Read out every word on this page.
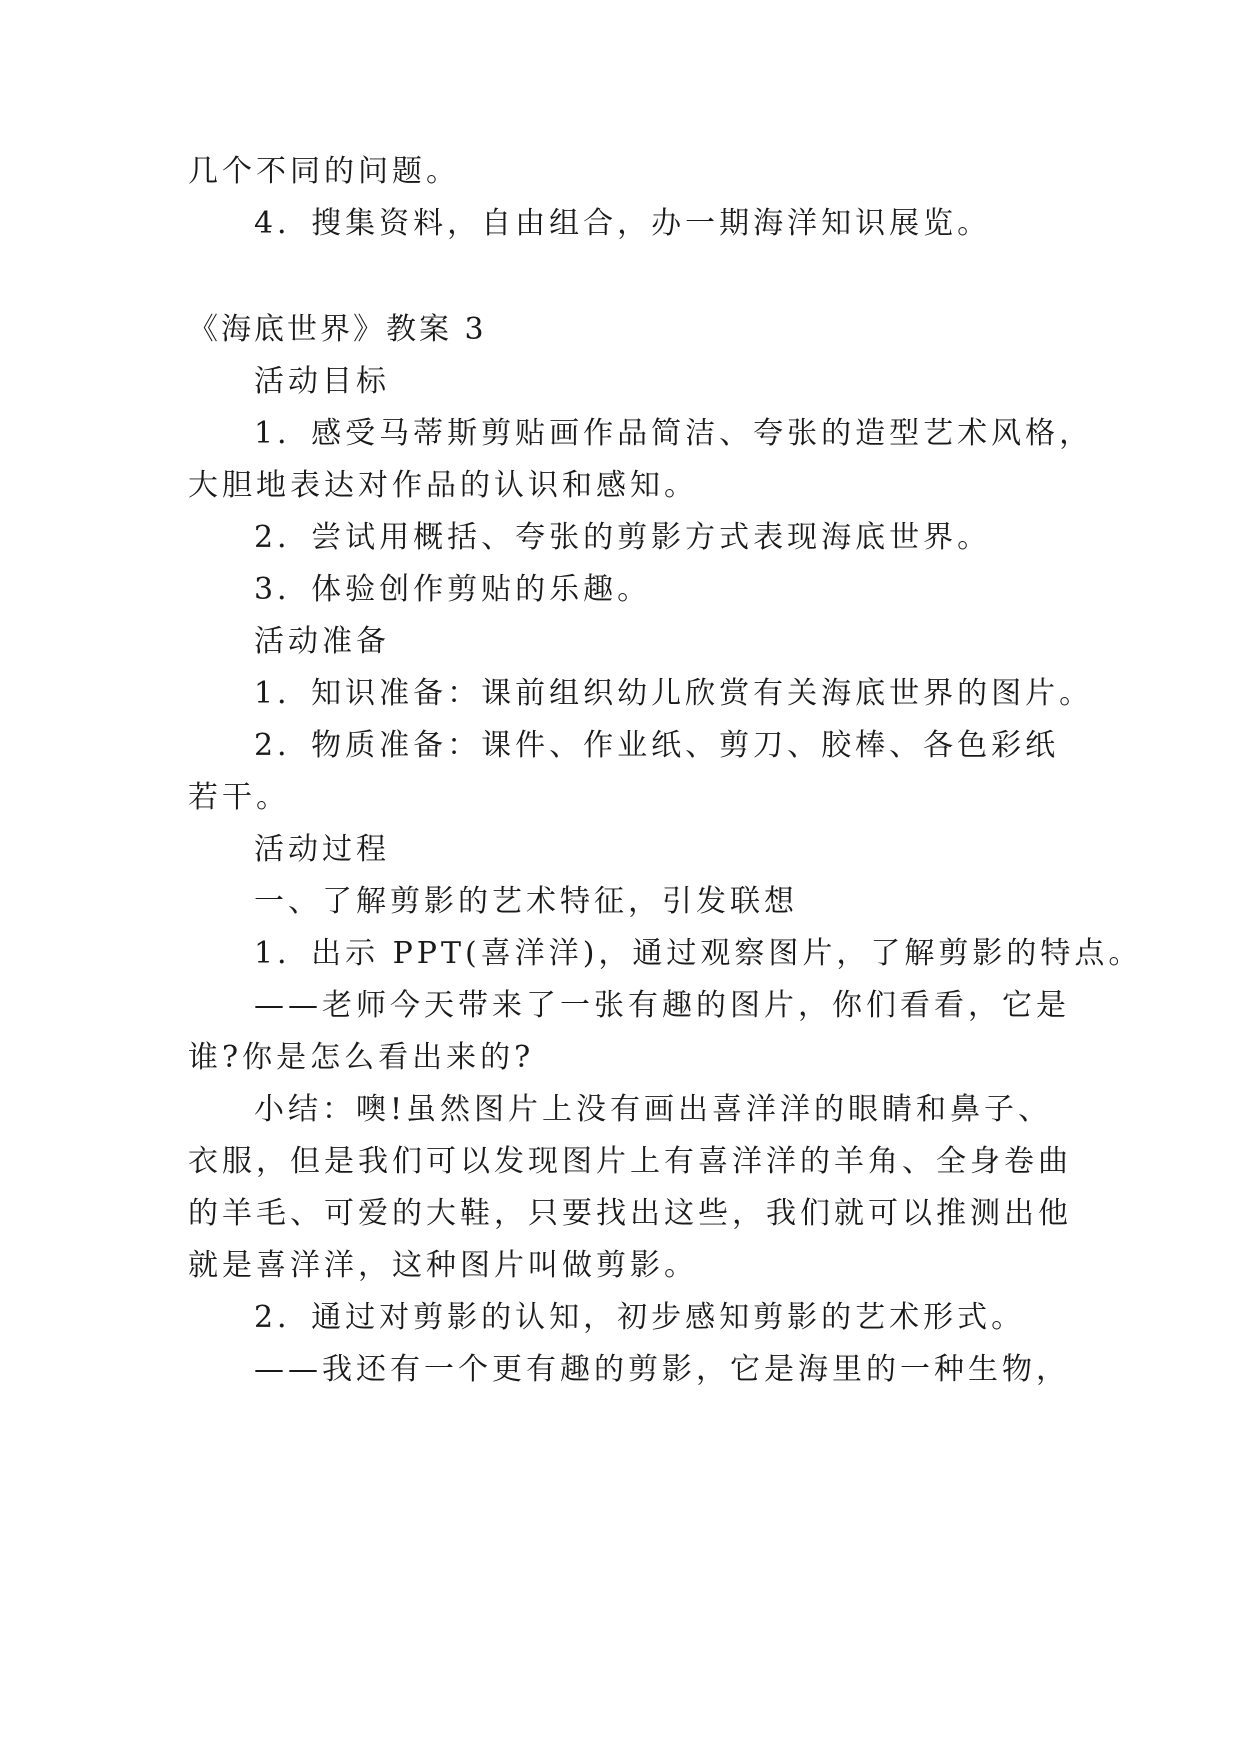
几个不同的问题。
4．搜集资料，自由组合，办一期海洋知识展览。
《海底世界》教案 3
活动目标
1．感受马蒂斯剪贴画作品简洁、夸张的造型艺术风格，
大胆地表达对作品的认识和感知。
2．尝试用概括、夸张的剪影方式表现海底世界。
3．体验创作剪贴的乐趣。
活动准备
1．知识准备：课前组织幼儿欣赏有关海底世界的图片。
2．物质准备：课件、作业纸、剪刀、胶棒、各色彩纸
若干。
活动过程
一、了解剪影的艺术特征，引发联想
1．出示 PPT(喜洋洋)，通过观察图片，了解剪影的特点。
——老师今天带来了一张有趣的图片，你们看看，它是
谁?你是怎么看出来的?
小结：噢!虽然图片上没有画出喜洋洋的眼睛和鼻子、
衣服，但是我们可以发现图片上有喜洋洋的羊角、全身卷曲
的羊毛、可爱的大鞋，只要找出这些，我们就可以推测出他
就是喜洋洋，这种图片叫做剪影。
2．通过对剪影的认知，初步感知剪影的艺术形式。
——我还有一个更有趣的剪影，它是海里的一种生物，
